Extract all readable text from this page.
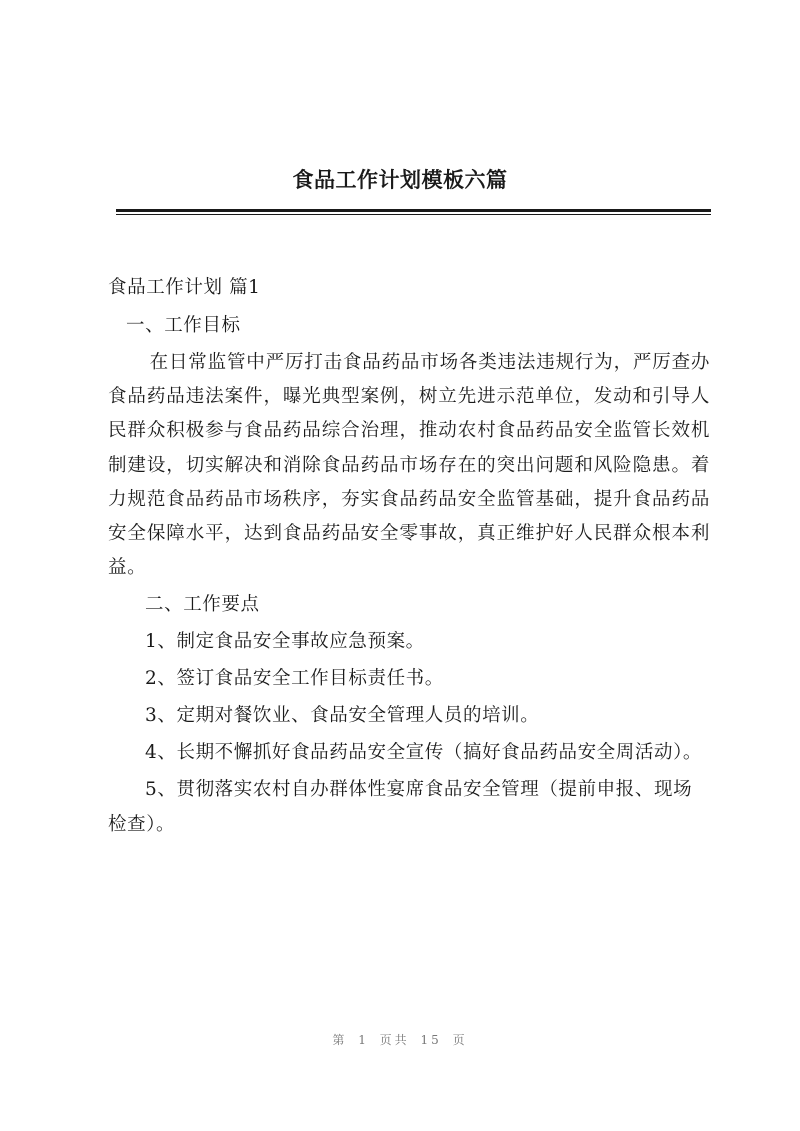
食品工作计划模板六篇

食品工作计划 篇1

一、工作目标

在日常监管中严厉打击食品药品市场各类违法违规行为，严厉查办食品药品违法案件，曝光典型案例，树立先进示范单位，发动和引导人民群众积极参与食品药品综合治理，推动农村食品药品安全监管长效机制建设，切实解决和消除食品药品市场存在的突出问题和风险隐患。着力规范食品药品市场秩序，夯实食品药品安全监管基础，提升食品药品安全保障水平，达到食品药品安全零事故，真正维护好人民群众根本利益。

二、工作要点

1、制定食品安全事故应急预案。

2、签订食品安全工作目标责任书。

3、定期对餐饮业、食品安全管理人员的培训。

4、长期不懈抓好食品药品安全宣传（搞好食品药品安全周活动）。

5、贯彻落实农村自办群体性宴席食品安全管理（提前申报、现场检查）。

第 1 页共 15 页
